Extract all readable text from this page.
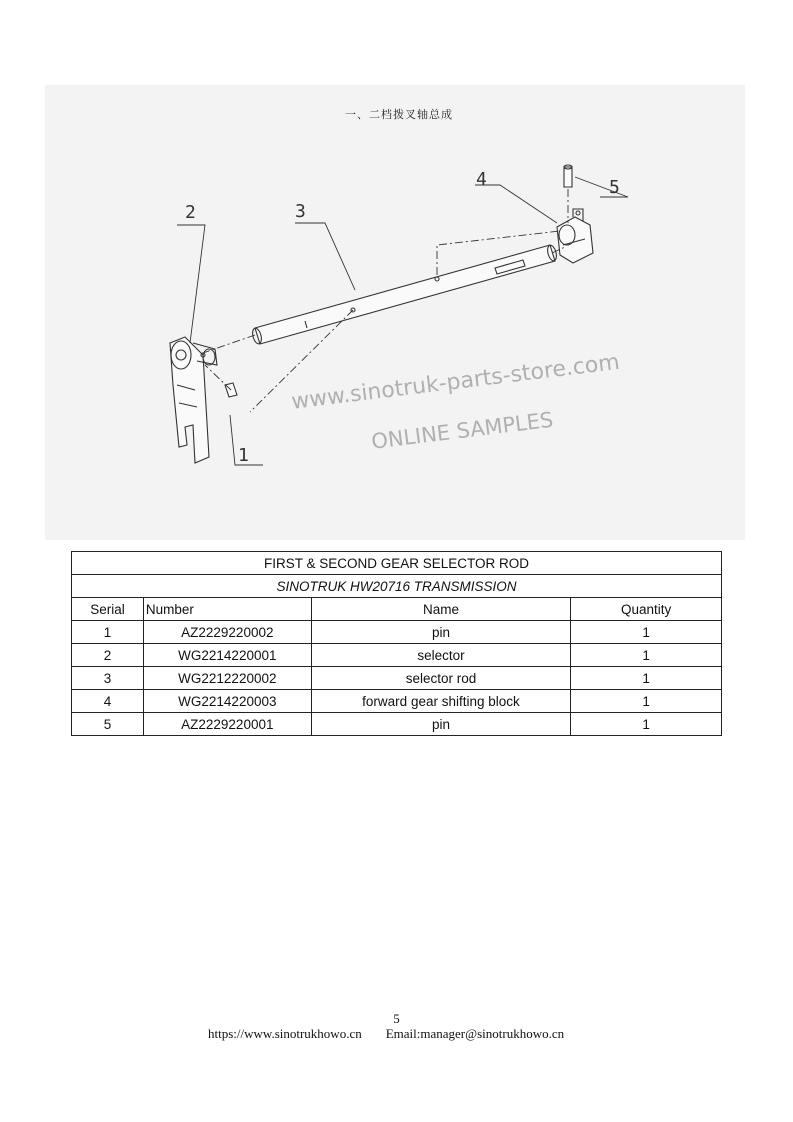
一、二档拨叉轴总成
1
2	3
4	5
www.sinotruk-parts-store.com
ONLINE SAMPLES
FIRST & SECOND GEAR SELECTOR ROD			
SINOTRUK HW20716 TRANSMISSION			
Serial	Number	Name	Quantity
1	AZ2229220002	pin	1
2	WG2214220001	selector	1
3	WG2212220002	selector rod	1
4	WG2214220003	forward gear shifting block	1
5	AZ2229220001	pin	1
5
https://www.sinotrukhowo.cn Email:manager@sinotrukhowo.cn
